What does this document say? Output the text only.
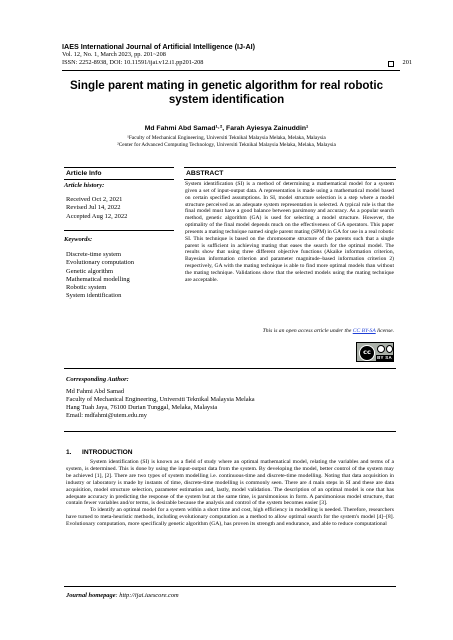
IAES International Journal of Artificial Intelligence (IJ-AI)
Vol. 12, No. 1, March 2023, pp. 201~208
ISSN: 2252-8938, DOI: 10.11591/ijai.v12.i1.pp201-208	201
Single parent mating in genetic algorithm for real robotic system identification
Md Fahmi Abd Samad¹·², Farah Ayiesya Zainuddin¹
¹Faculty of Mechanical Engineering, Universiti Teknikal Malaysia Melaka, Melaka, Malaysia
²Center for Advanced Computing Technology, Universiti Teknikal Malaysia Melaka, Melaka, Malaysia
Article Info	ABSTRACT
Article history:
Received Oct 2, 2021
Revised Jul 14, 2022
Accepted Aug 12, 2022
Keywords:
Discrete-time system
Evolutionary computation
Genetic algorithm
Mathematical modelling
Robotic system
System identification
System identification (SI) is a method of determining a mathematical model for a system given a set of input-output data. A representation is made using a mathematical model based on certain specified assumptions. In SI, model structure selection is a step where a model structure perceived as an adequate system representation is selected. A typical rule is that the final model must have a good balance between parsimony and accuracy. As a popular search method, genetic algorithm (GA) is used for selecting a model structure. However, the optimality of the final model depends much on the effectiveness of GA operators. This paper presents a mating technique named single parent mating (SPM) in GA for use in a real robotic SI. This technique is based on the chromosome structure of the parents such that a single parent is sufficient in achieving mating that eases the search for the optimal model. The results show that using three different objective functions (Akaike information criterion, Bayesian information criterion and parameter magnitude–based information criterion 2) respectively, GA with the mating technique is able to find more optimal models than without the mating technique. Validations show that the selected models using the mating technique are acceptable.
This is an open access article under the CC BY-SA license.
cc
BY SA
Corresponding Author:
Md Fahmi Abd Samad
Faculty of Mechanical Engineering, Universiti Teknikal Malaysia Melaka
Hang Tuah Jaya, 76100 Durian Tunggal, Melaka, Malaysia
Email: mdfahmi@utem.edu.my
1. INTRODUCTION

System identification (SI) is known as a field of study where an optimal mathematical model, relating the variables and terms of a system, is determined. This is done by using the input-output data from the system. By developing the model, better control of the system may be achieved [1], [2]. There are two types of system modelling i.e. continuous-time and discrete-time modelling. Noting that data acquisition in industry or laboratory is made by instants of time, discrete-time modelling is commonly seen. There are 4 main steps in SI and these are data acquisition, model structure selection, parameter estimation and, lastly, model validation. The description of an optimal model is one that has adequate accuracy in predicting the response of the system but at the same time, is parsimonious in form. A parsimonious model structure, that contain fewer variables and/or terms, is desirable because the analysis and control of the system becomes easier [3].

To identify an optimal model for a system within a short time and cost, high efficiency in modelling is needed. Therefore, researchers have turned to meta-heuristic methods, including evolutionary computation as a method to allow optimal search for the system's model [4]–[8]. Evolutionary computation, more specifically genetic algorithm (GA), has proven its strength and endurance, and able to reduce computational

Journal homepage: http://ijai.iaescore.com
